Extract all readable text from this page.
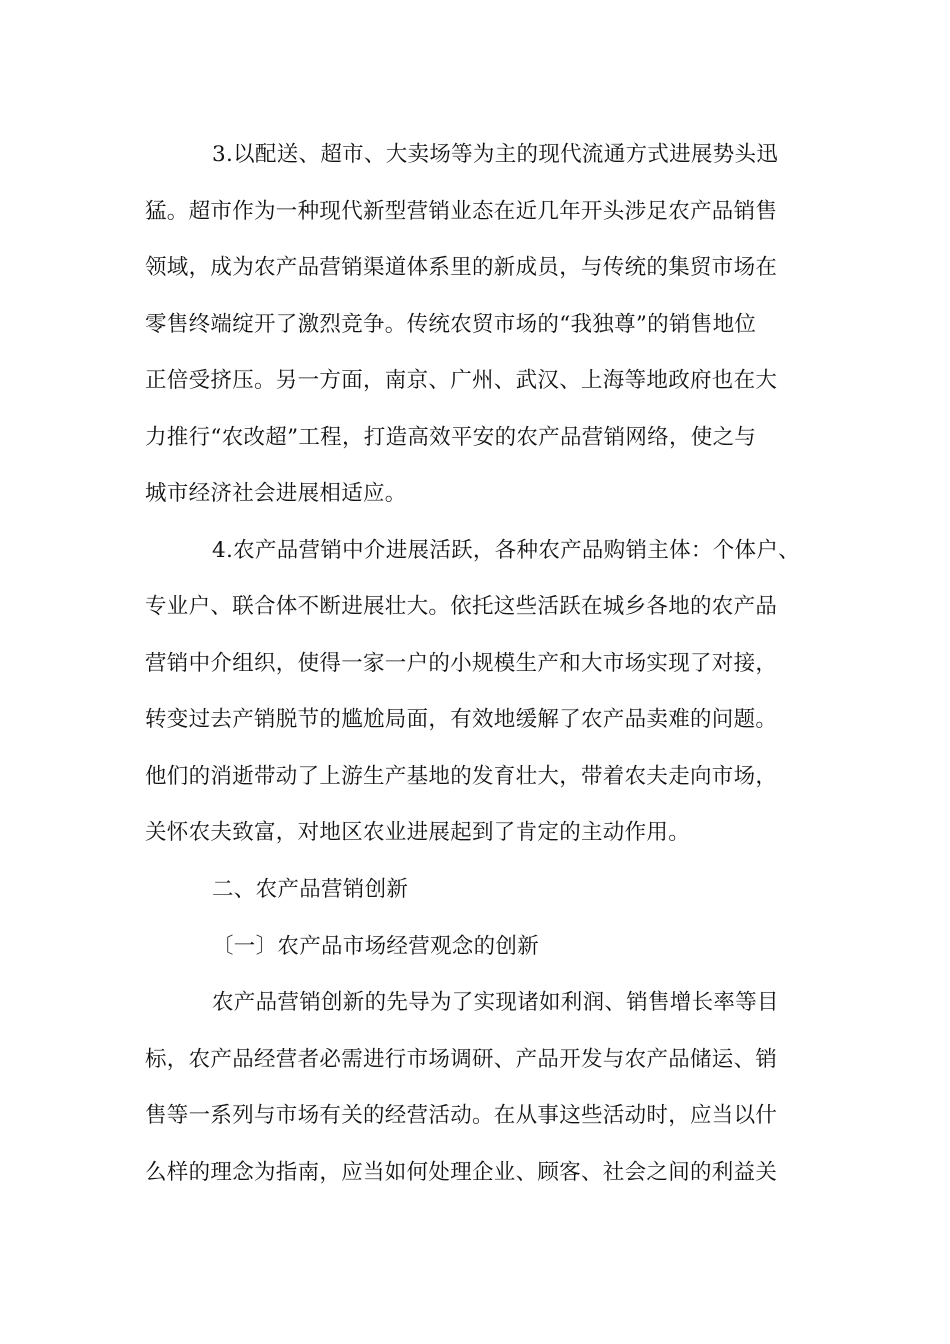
3.以配送、超市、大卖场等为主的现代流通方式进展势头迅
猛。超市作为一种现代新型营销业态在近几年开头涉足农产品销售
领域，成为农产品营销渠道体系里的新成员，与传统的集贸市场在
零售终端绽开了激烈竞争。传统农贸市场的“我独尊”的销售地位
正倍受挤压。另一方面，南京、广州、武汉、上海等地政府也在大
力推行“农改超”工程，打造高效平安的农产品营销网络，使之与
城市经济社会进展相适应。
4.农产品营销中介进展活跃，各种农产品购销主体：个体户、
专业户、联合体不断进展壮大。依托这些活跃在城乡各地的农产品
营销中介组织，使得一家一户的小规模生产和大市场实现了对接，
转变过去产销脱节的尴尬局面，有效地缓解了农产品卖难的问题。
他们的消逝带动了上游生产基地的发育壮大，带着农夫走向市场，
关怀农夫致富，对地区农业进展起到了肯定的主动作用。
二、农产品营销创新
〔一〕农产品市场经营观念的创新
农产品营销创新的先导为了实现诸如利润、销售增长率等目
标，农产品经营者必需进行市场调研、产品开发与农产品储运、销
售等一系列与市场有关的经营活动。在从事这些活动时，应当以什
么样的理念为指南，应当如何处理企业、顾客、社会之间的利益关
